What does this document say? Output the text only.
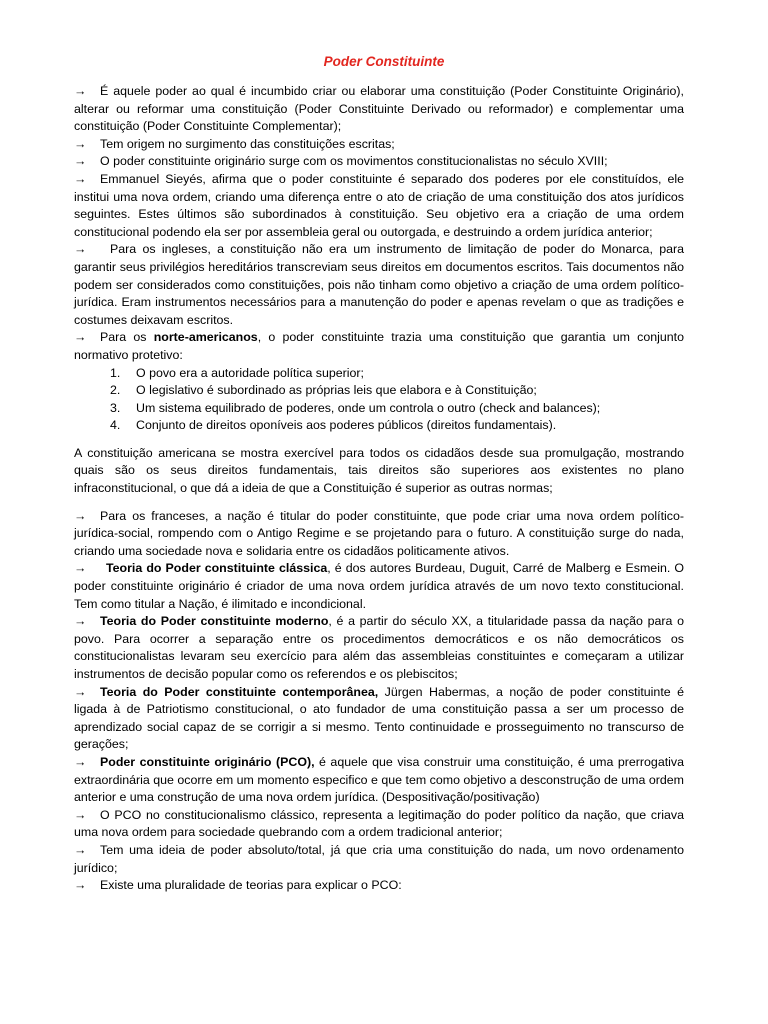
Poder Constituinte

→ É aquele poder ao qual é incumbido criar ou elaborar uma constituição (Poder Constituinte Originário), alterar ou reformar uma constituição (Poder Constituinte Derivado ou reformador) e complementar uma constituição (Poder Constituinte Complementar);

→ Tem origem no surgimento das constituições escritas;

→ O poder constituinte originário surge com os movimentos constitucionalistas no século XVIII;

→ Emmanuel Sieyés, afirma que o poder constituinte é separado dos poderes por ele constituídos, ele institui uma nova ordem, criando uma diferença entre o ato de criação de uma constituição dos atos jurídicos seguintes. Estes últimos são subordinados à constituição. Seu objetivo era a criação de uma ordem constitucional podendo ela ser por assembleia geral ou outorgada, e destruindo a ordem jurídica anterior;

→ Para os ingleses, a constituição não era um instrumento de limitação de poder do Monarca, para garantir seus privilégios hereditários transcreviam seus direitos em documentos escritos. Tais documentos não podem ser considerados como constituições, pois não tinham como objetivo a criação de uma ordem político-jurídica. Eram instrumentos necessários para a manutenção do poder e apenas revelam o que as tradições e costumes deixavam escritos.

→ Para os norte-americanos, o poder constituinte trazia uma constituição que garantia um conjunto normativo protetivo:

1.	O povo era a autoridade política superior;
2.	O legislativo é subordinado as próprias leis que elabora e à Constituição;
3.	Um sistema equilibrado de poderes, onde um controla o outro (check and balances);
4.	Conjunto de direitos oponíveis aos poderes públicos (direitos fundamentais).

A constituição americana se mostra exercível para todos os cidadãos desde sua promulgação, mostrando quais são os seus direitos fundamentais, tais direitos são superiores aos existentes no plano infraconstitucional, o que dá a ideia de que a Constituição é superior as outras normas;

→ Para os franceses, a nação é titular do poder constituinte, que pode criar uma nova ordem político-jurídica-social, rompendo com o Antigo Regime e se projetando para o futuro. A constituição surge do nada, criando uma sociedade nova e solidaria entre os cidadãos politicamente ativos.

→ Teoria do Poder constituinte clássica, é dos autores Burdeau, Duguit, Carré de Malberg e Esmein. O poder constituinte originário é criador de uma nova ordem jurídica através de um novo texto constitucional. Tem como titular a Nação, é ilimitado e incondicional.

→ Teoria do Poder constituinte moderno, é a partir do século XX, a titularidade passa da nação para o povo. Para ocorrer a separação entre os procedimentos democráticos e os não democráticos os constitucionalistas levaram seu exercício para além das assembleias constituintes e começaram a utilizar instrumentos de decisão popular como os referendos e os plebiscitos;

→ Teoria do Poder constituinte contemporânea, Jürgen Habermas, a noção de poder constituinte é ligada à de Patriotismo constitucional, o ato fundador de uma constituição passa a ser um processo de aprendizado social capaz de se corrigir a si mesmo. Tento continuidade e prosseguimento no transcurso de gerações;

→ Poder constituinte originário (PCO), é aquele que visa construir uma constituição, é uma prerrogativa extraordinária que ocorre em um momento especifico e que tem como objetivo a desconstrução de uma ordem anterior e uma construção de uma nova ordem jurídica. (Despositivação/positivação)

→ O PCO no constitucionalismo clássico, representa a legitimação do poder político da nação, que criava uma nova ordem para sociedade quebrando com a ordem tradicional anterior;

→ Tem uma ideia de poder absoluto/total, já que cria uma constituição do nada, um novo ordenamento jurídico;

→ Existe uma pluralidade de teorias para explicar o PCO:
